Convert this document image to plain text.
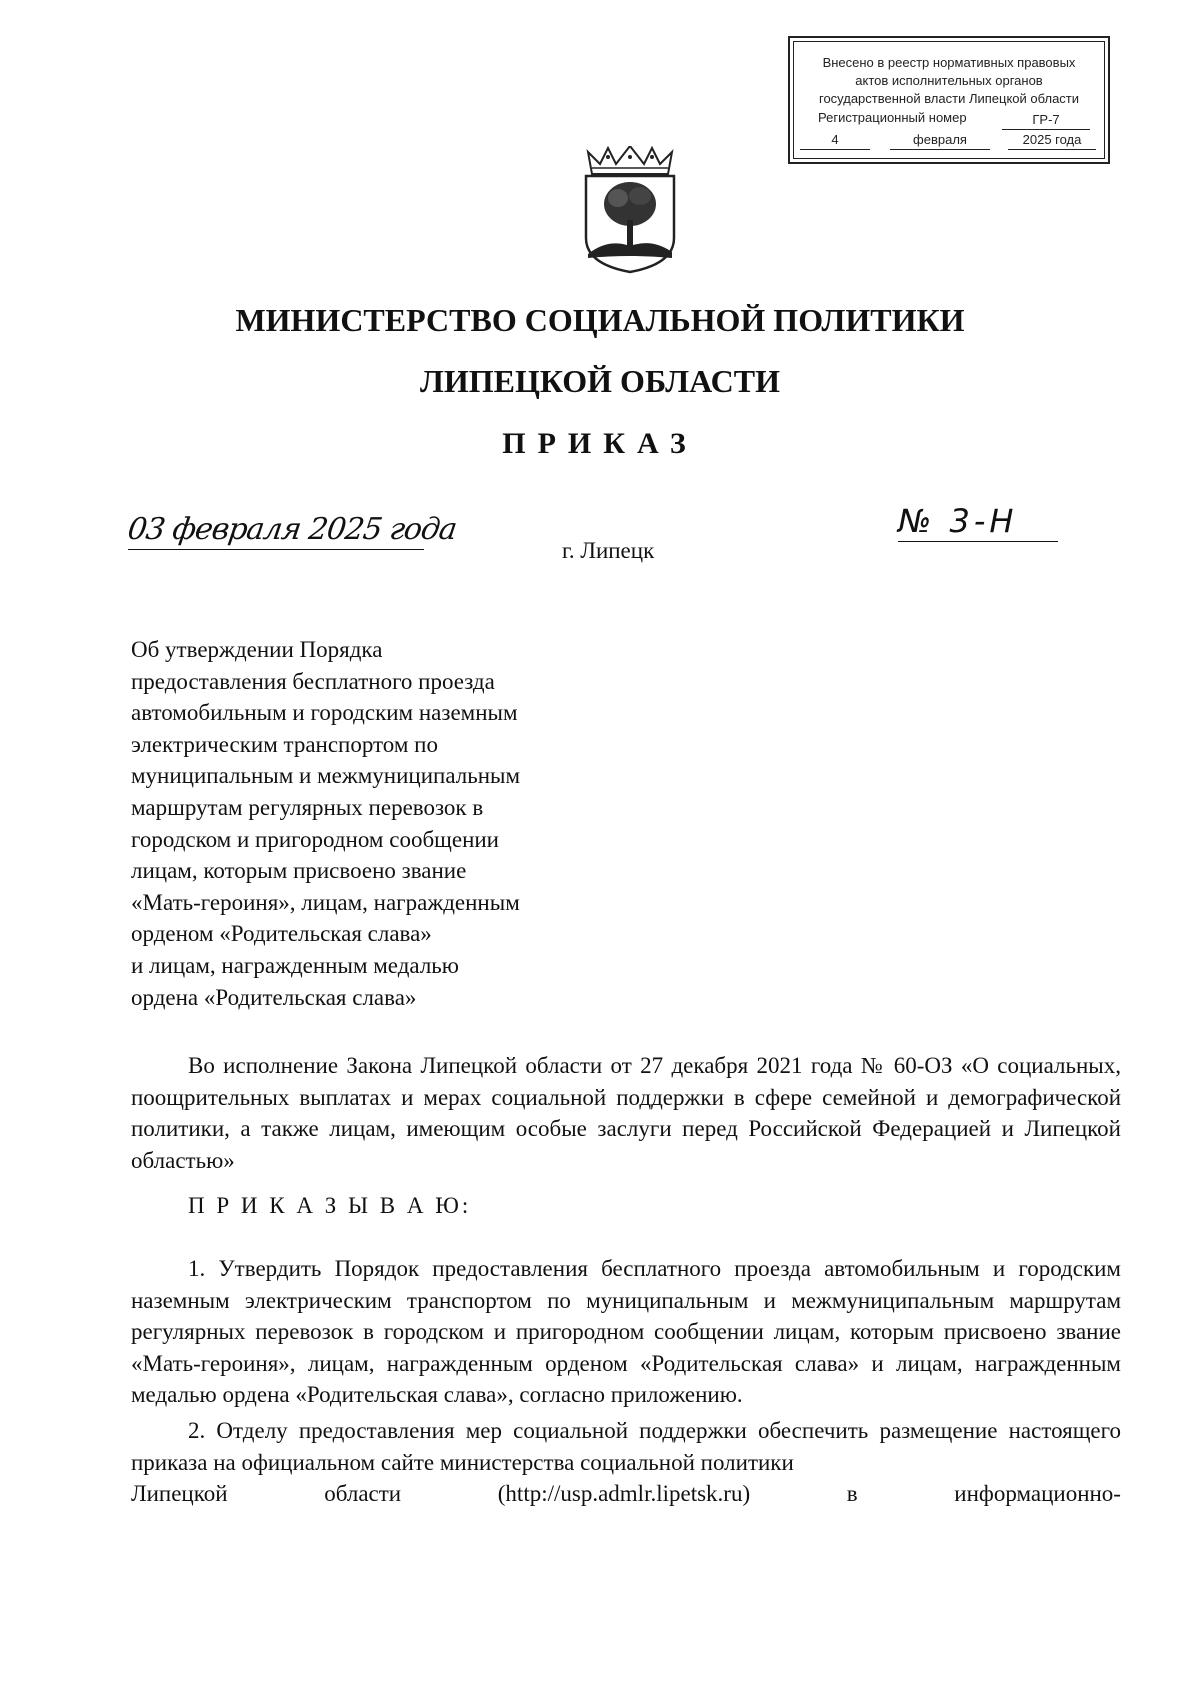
Внесено в реестр нормативных правовых
актов исполнительных органов
государственной власти Липецкой области
Регистрационный номер	ГР-7
4	февраля	2025 года
МИНИСТЕРСТВО СОЦИАЛЬНОЙ ПОЛИТИКИ
ЛИПЕЦКОЙ ОБЛАСТИ
ПРИКАЗ
03 февраля 2025 года
г. Липецк
№ 3-Н
Об утверждении Порядка
предоставления бесплатного проезда
автомобильным и городским наземным
электрическим транспортом по
муниципальным и межмуниципальным
маршрутам регулярных перевозок в
городском и пригородном сообщении
лицам, которым присвоено звание
«Мать-героиня», лицам, награжденным
орденом «Родительская слава»
и лицам, награжденным медалью
ордена «Родительская слава»
Во исполнение Закона Липецкой области от 27 декабря 2021 года № 60-ОЗ «О социальных, поощрительных выплатах и мерах социальной поддержки в сфере семейной и демографической политики, а также лицам, имеющим особые заслуги перед Российской Федерацией и Липецкой областью»
П Р И К А З Ы В А Ю:
1. Утвердить Порядок предоставления бесплатного проезда автомобильным и городским наземным электрическим транспортом по муниципальным и межмуниципальным маршрутам регулярных перевозок в городском и пригородном сообщении лицам, которым присвоено звание «Мать-героиня», лицам, награжденным орденом «Родительская слава» и лицам, награжденным медалью ордена «Родительская слава», согласно приложению.
2. Отделу предоставления мер социальной поддержки обеспечить размещение настоящего приказа на официальном сайте министерства социальной политики
Липецкой	области	(http://usp.admlr.lipetsk.ru)	в	информационно-
